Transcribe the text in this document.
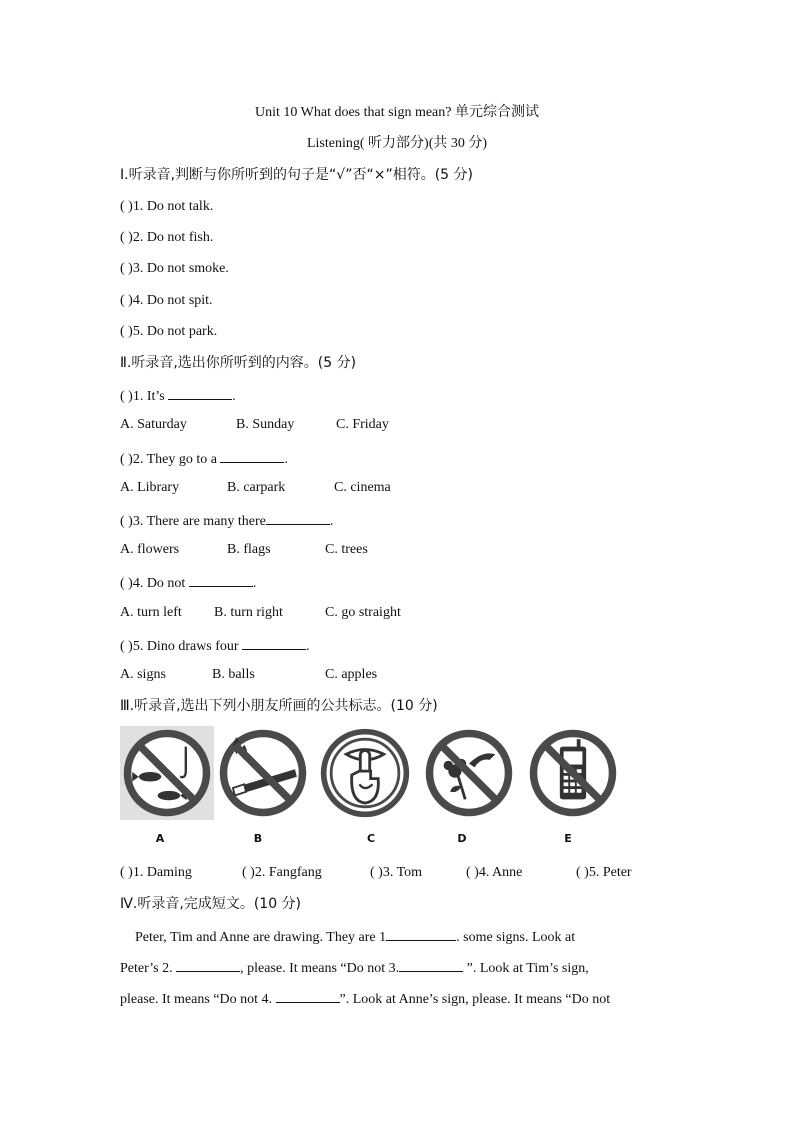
Unit 10 What does that sign mean? 单元综合测试
Listening( 听力部分)(共 30 分)
Ⅰ.听录音,判断与你所听到的句子是“√”否“×”相符。(5 分)
( )1. Do not talk.
( )2. Do not fish.
( )3. Do not smoke.
( )4. Do not spit.
( )5. Do not park.
Ⅱ.听录音,选出你所听到的内容。(5 分)
( )1. It’s	.
A. Saturday	B. Sunday	C. Friday
( )2. They go to a	.
A. Library	B. carpark	C. cinema
( )3. There are many there	.
A. flowers	B. flags	C. trees
( )4. Do not	.
A. turn left B. turn right	C. go straight
( )5. Dino draws four	.
A. signs	B. balls	C. apples
Ⅲ.听录音,选出下列小朋友所画的公共标志。(10 分)
A	B	C	D	E
( )1. Daming	( )2. Fangfang	( )3. Tom	( )4. Anne	( )5. Peter
Ⅳ.听录音,完成短文。(10 分)
Peter, Tim and Anne are drawing. They are 1	. some signs. Look at
Peter’s 2.	, please. It means “Do not 3.	”. Look at Tim’s sign,
please. It means “Do not 4.	”. Look at Anne’s sign, please. It means “Do not
